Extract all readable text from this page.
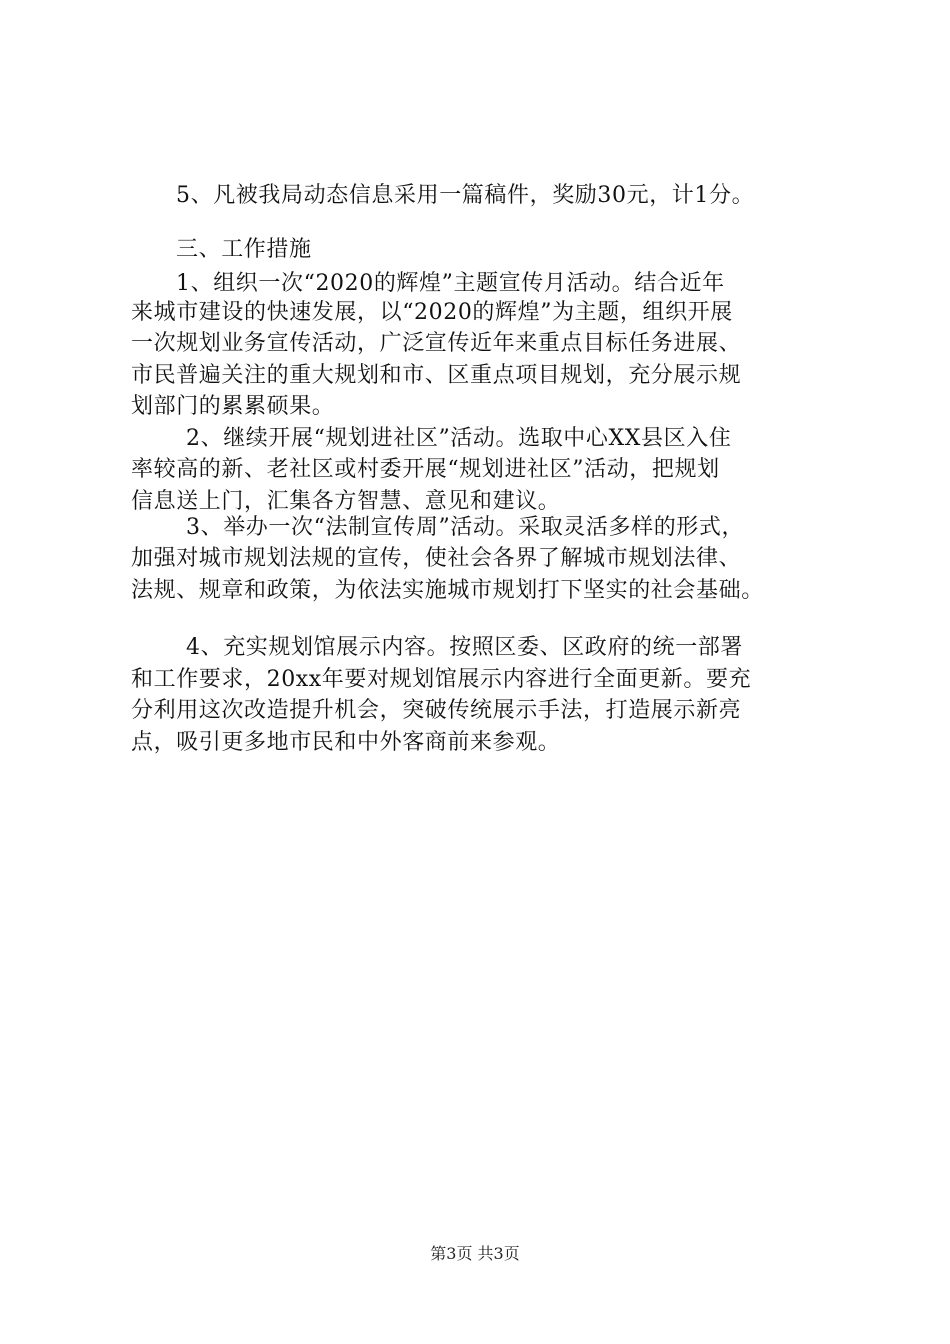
5、凡被我局动态信息采用一篇稿件，奖励30元，计1分。
三、工作措施
1、组织一次“2020的辉煌”主题宣传月活动。结合近年
来城市建设的快速发展，以“2020的辉煌”为主题，组织开展
一次规划业务宣传活动，广泛宣传近年来重点目标任务进展、
市民普遍关注的重大规划和市、区重点项目规划，充分展示规
划部门的累累硕果。
2、继续开展“规划进社区”活动。选取中心XX县区入住
率较高的新、老社区或村委开展“规划进社区”活动，把规划
信息送上门，汇集各方智慧、意见和建议。
3、举办一次“法制宣传周”活动。采取灵活多样的形式，
加强对城市规划法规的宣传，使社会各界了解城市规划法律、
法规、规章和政策，为依法实施城市规划打下坚实的社会基础。
4、充实规划馆展示内容。按照区委、区政府的统一部署
和工作要求，20xx年要对规划馆展示内容进行全面更新。要充
分利用这次改造提升机会，突破传统展示手法，打造展示新亮
点，吸引更多地市民和中外客商前来参观。
第3页 共3页
